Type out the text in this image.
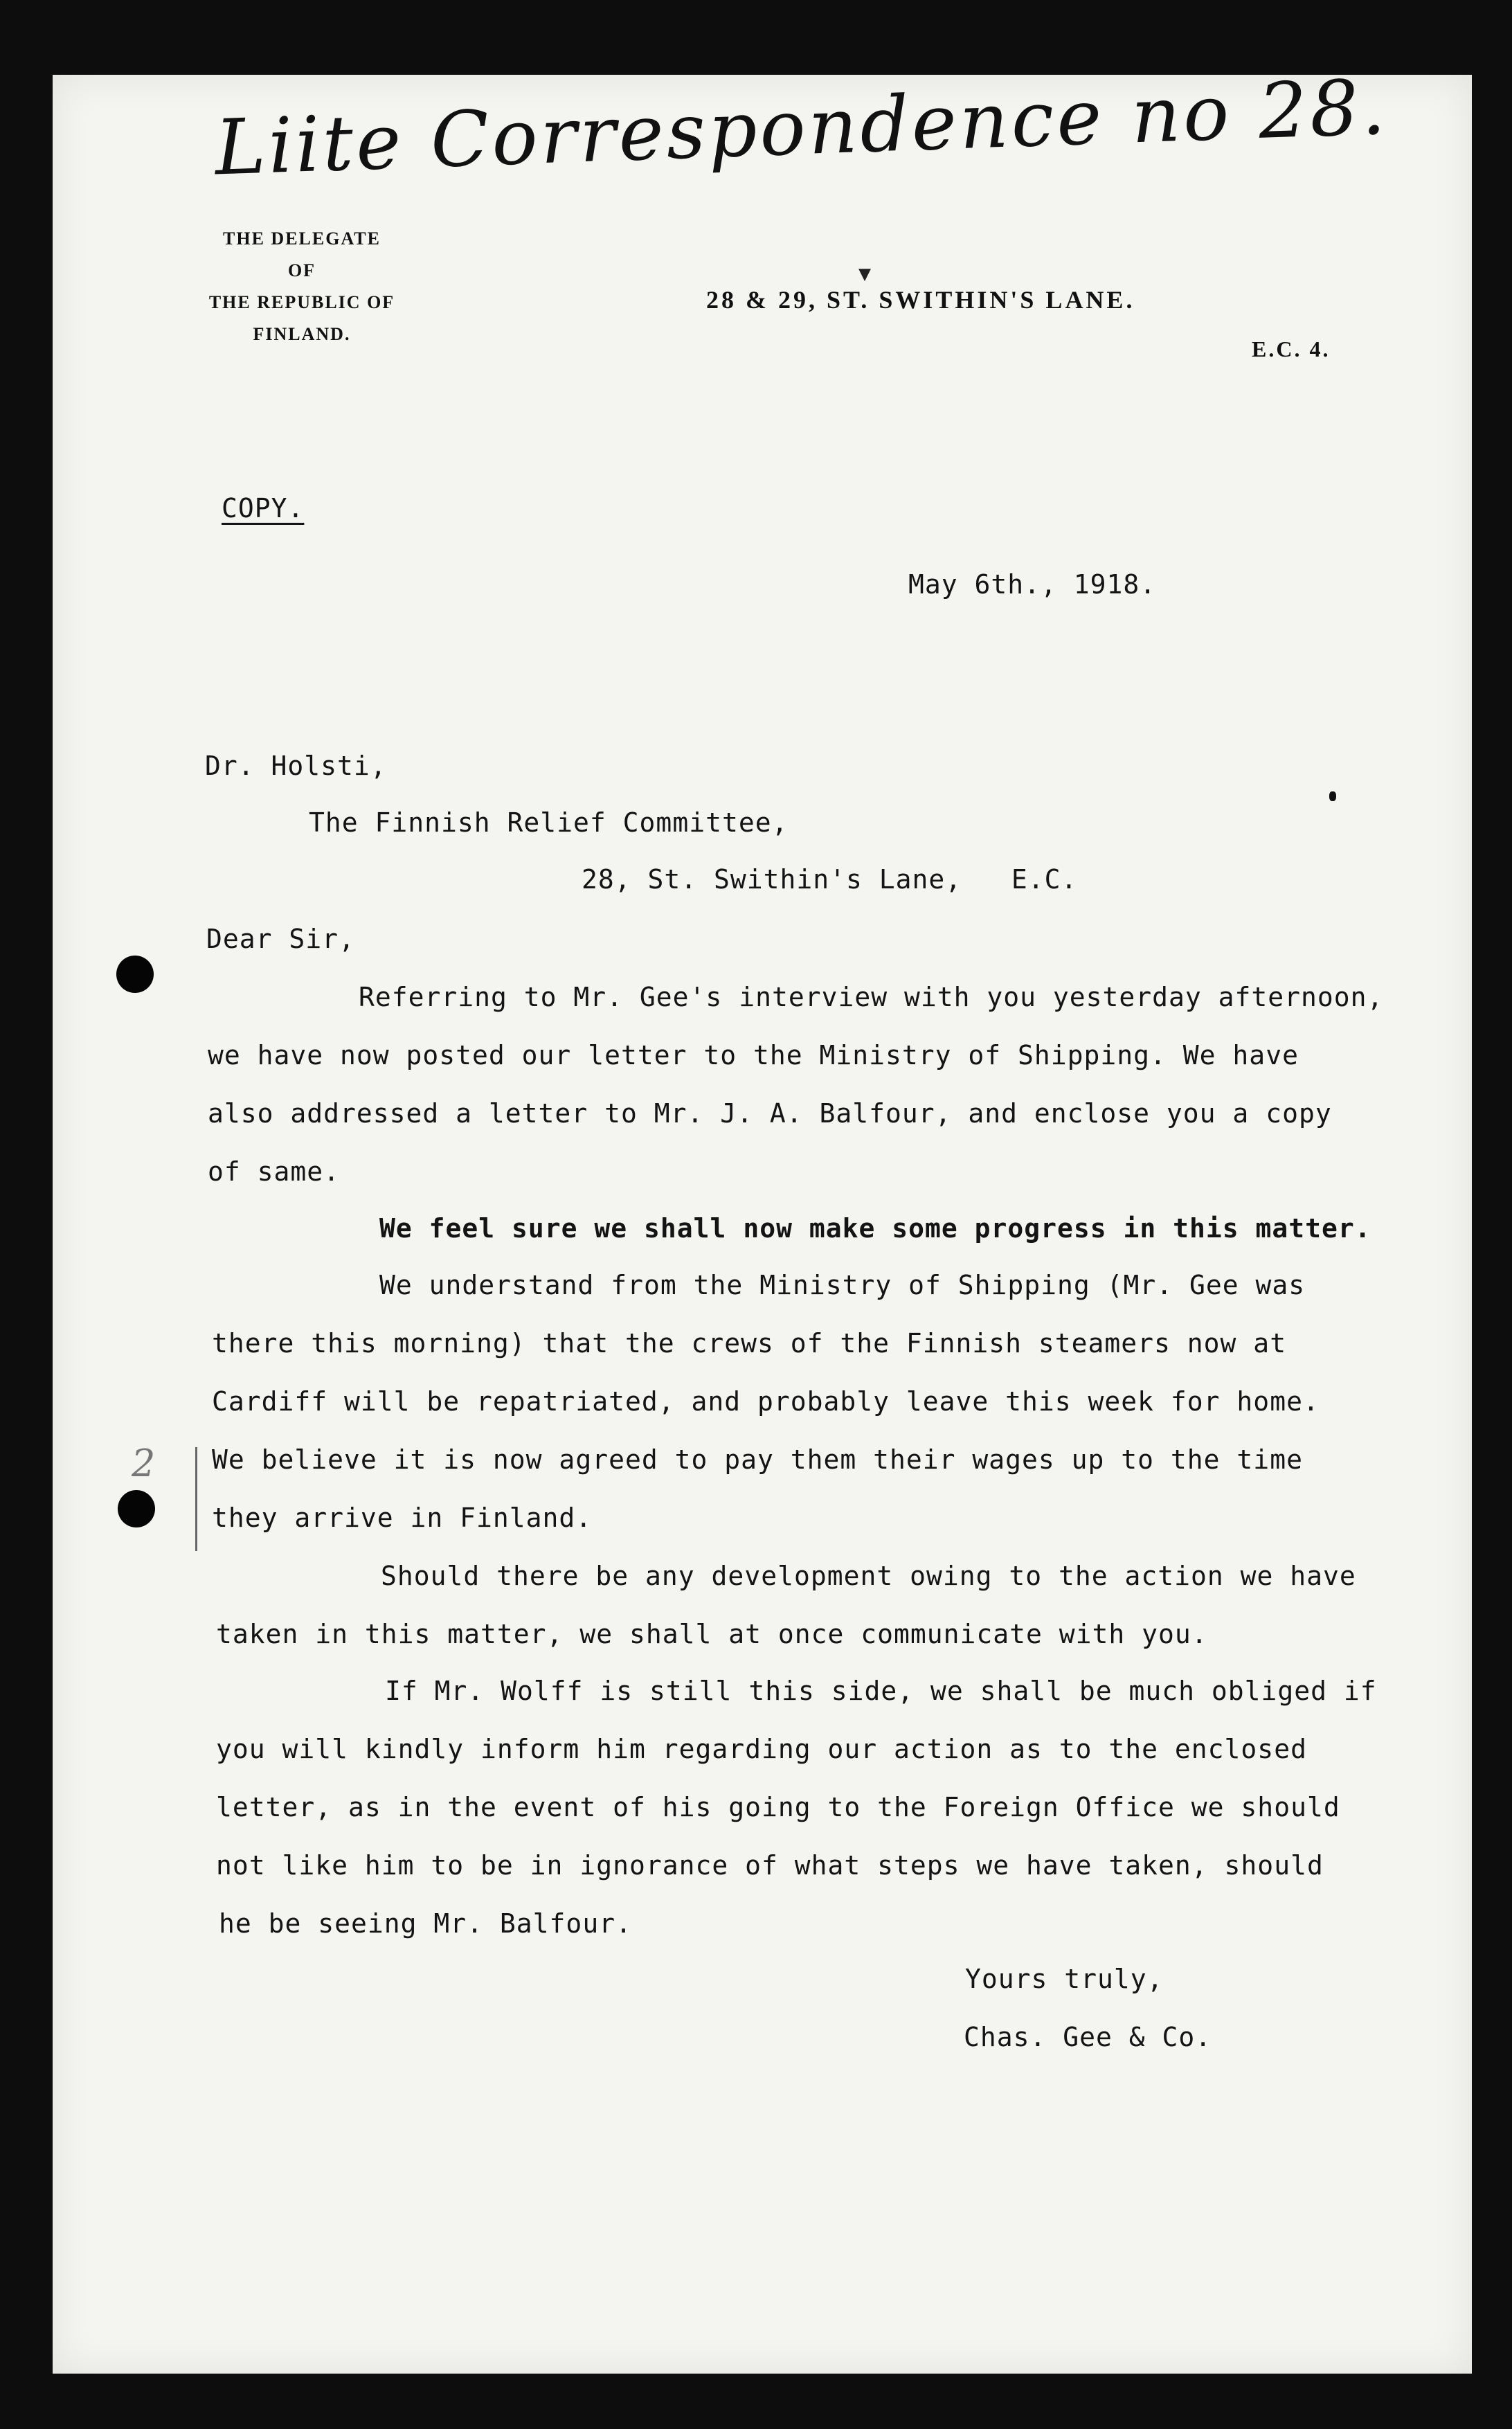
Liite Correspondence no 28.
THE DELEGATE
OF
THE REPUBLIC OF
FINLAND.
▼
28 & 29, ST. SWITHIN'S LANE.
E.C. 4.
COPY.
May 6th., 1918.
Dr. Holsti,
The Finnish Relief Committee,
28, St. Swithin's Lane,   E.C.
Dear Sir,
Referring to Mr. Gee's interview with you yesterday afternoon,
we have now posted our letter to the Ministry of Shipping. We have
also addressed a letter to Mr. J. A. Balfour, and enclose you a copy
of same.
We feel sure we shall now make some progress in this matter.
We understand from the Ministry of Shipping (Mr. Gee was
there this morning) that the crews of the Finnish steamers now at
Cardiff will be repatriated, and probably leave this week for home.
We believe it is now agreed to pay them their wages up to the time
they arrive in Finland.
Should there be any development owing to the action we have
taken in this matter, we shall at once communicate with you.
If Mr. Wolff is still this side, we shall be much obliged if
you will kindly inform him regarding our action as to the enclosed
letter, as in the event of his going to the Foreign Office we should
not like him to be in ignorance of what steps we have taken, should
he be seeing Mr. Balfour.
Yours truly,
Chas. Gee & Co.
2
